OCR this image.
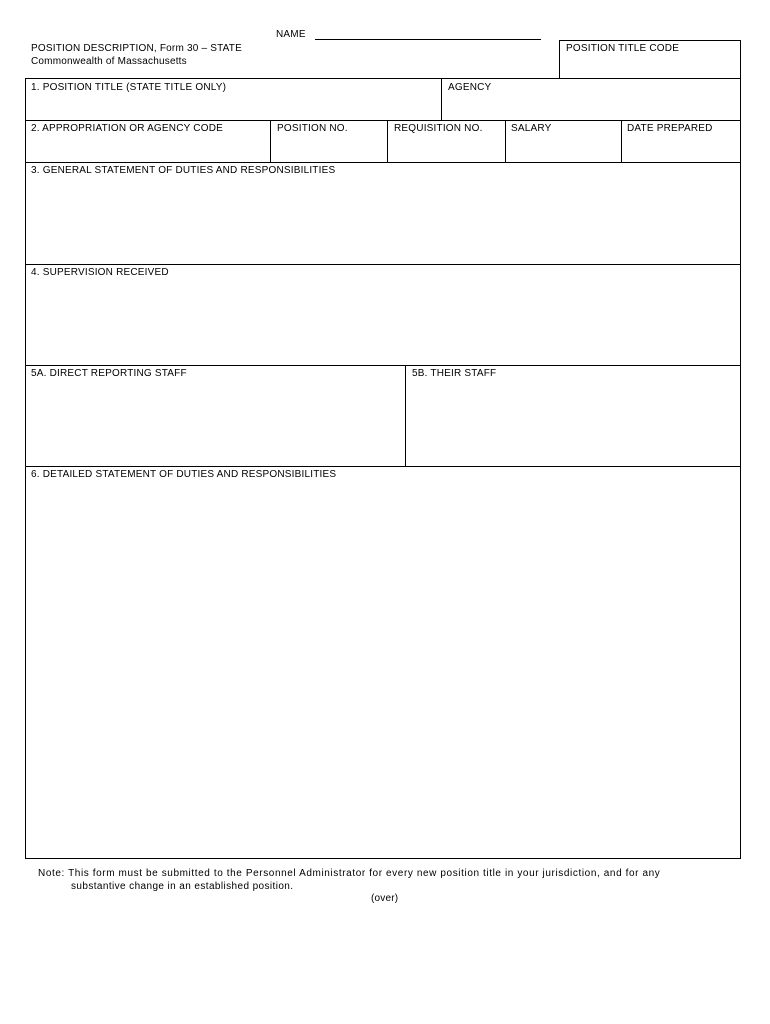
NAME
POSITION DESCRIPTION, Form 30 – STATE
Commonwealth of Massachusetts
POSITION TITLE CODE
1. POSITION TITLE (STATE TITLE ONLY)	AGENCY
2. APPROPRIATION OR AGENCY CODE	POSITION NO.	REQUISITION NO.	SALARY	DATE PREPARED
3. GENERAL STATEMENT OF DUTIES AND RESPONSIBILITIES
4. SUPERVISION RECEIVED
5A. DIRECT REPORTING STAFF	5B. THEIR STAFF
6. DETAILED STATEMENT OF DUTIES AND RESPONSIBILITIES
Note: This form must be submitted to the Personnel Administrator for every new position title in your jurisdiction, and for any
substantive change in an established position.
(over)
